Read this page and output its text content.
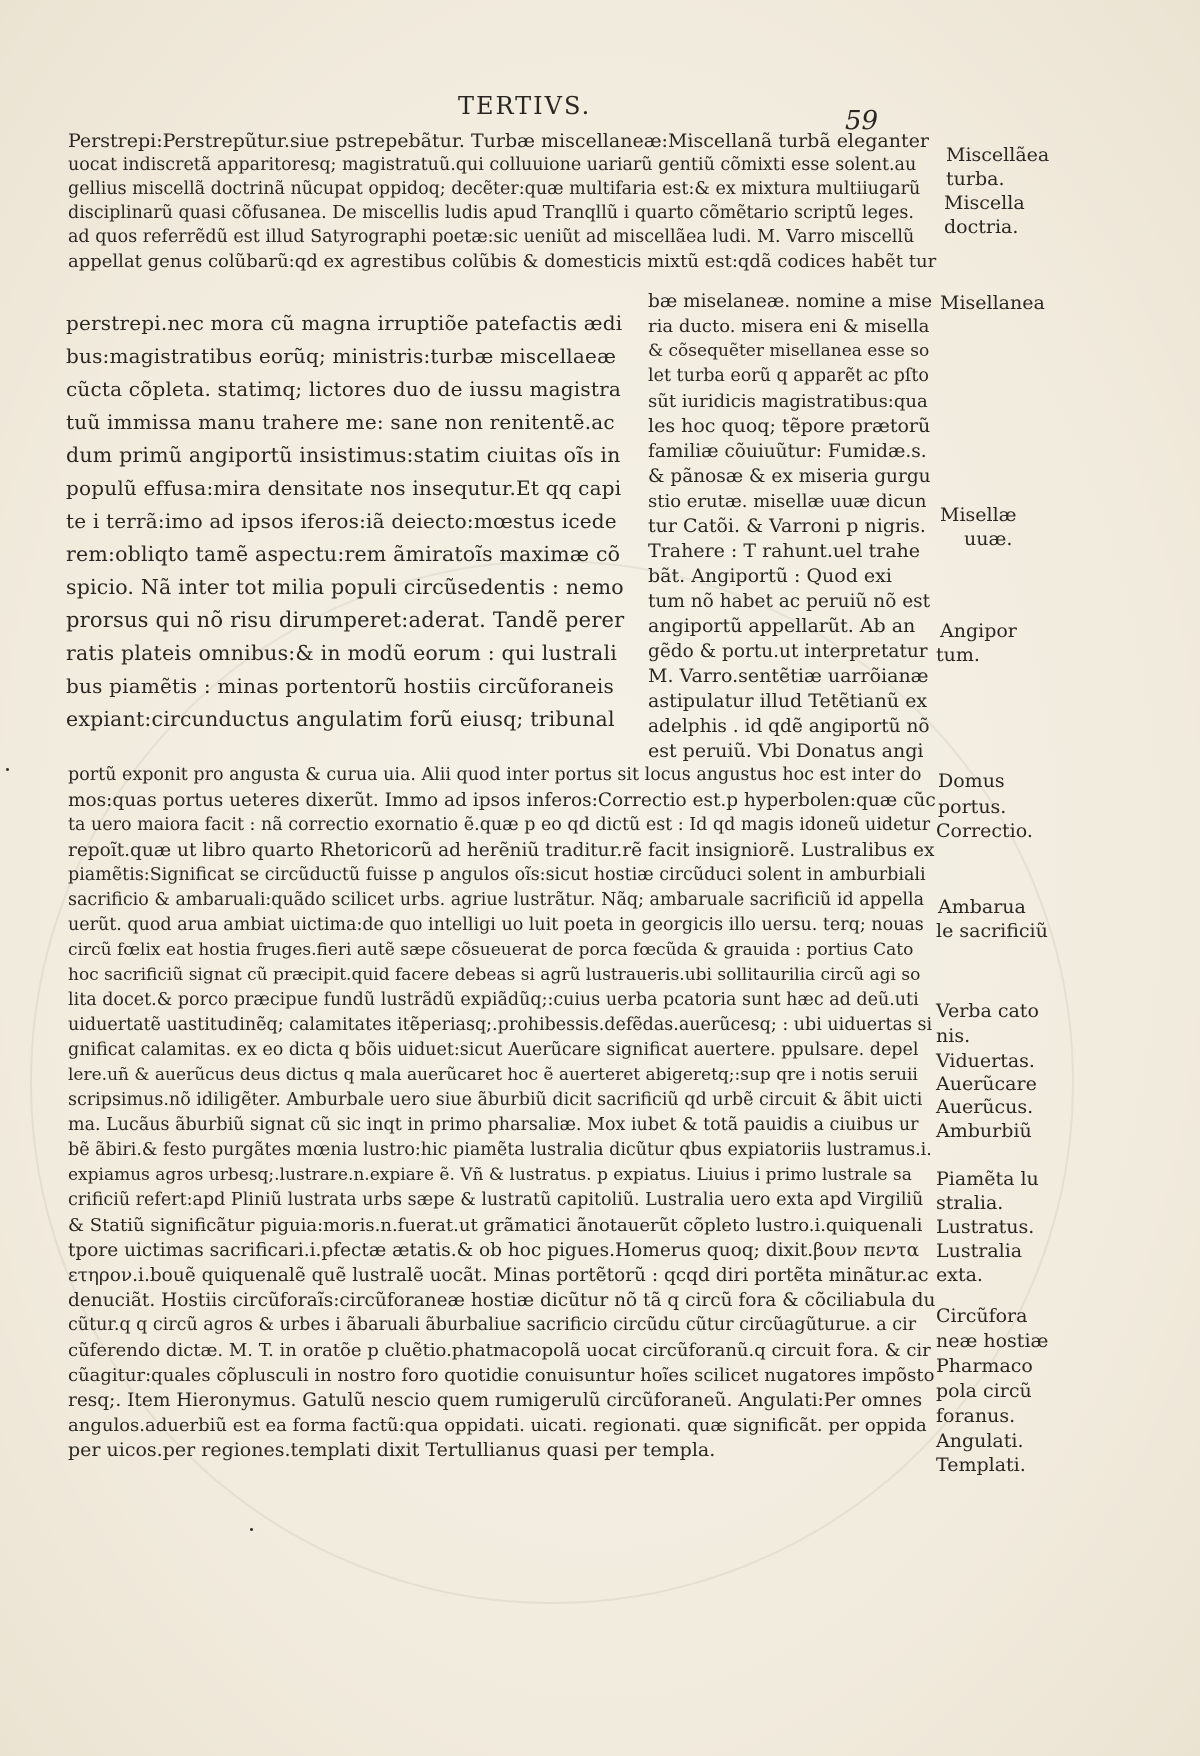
TERTIVS.	59
Perstrepi:Perstrepũtur.siue pstrepebãtur. Turbæ miscellaneæ:Miscellanã turbã eleganter
uocat indiscretã apparitoresq; magistratuũ.qui colluuione uariarũ gentiũ cõmixti esse solent.au
gellius miscellã doctrinã nũcupat oppidoq; decẽter:quæ multifaria est:& ex mixtura multiiugarũ
disciplinarũ quasi cõfusanea. De miscellis ludis apud Tranqllũ i quarto cõmẽtario scriptũ leges.
ad quos referrẽdũ est illud Satyrographi poetæ:sic ueniũt ad miscellãea ludi. M. Varro miscellũ
appellat genus colũbarũ:qd ex agrestibus colũbis & domesticis mixtũ est:qdã codices habẽt tur
perstrepi.nec mora cũ magna irruptiõe patefactis ædi
bus:magistratibus eorũq; ministris:turbæ miscellaeæ
cũcta cõpleta. statimq; lictores duo de iussu magistra
tuũ immissa manu trahere me: sane non renitentẽ.ac
dum primũ angiportũ insistimus:statim ciuitas oĩs in
populũ effusa:mira densitate nos insequtur.Et qq capi
te i terrã:imo ad ipsos iferos:iã deiecto:mœstus icede
rem:obliqto tamẽ aspectu:rem ãmiratoĩs maximæ cõ
spicio. Nã inter tot milia populi circũsedentis : nemo
prorsus qui nõ risu dirumperet:aderat. Tandẽ perer
ratis plateis omnibus:& in modũ eorum : qui lustrali
bus piamẽtis : minas portentorũ hostiis circũforaneis
expiant:circunductus angulatim forũ eiusq; tribunal
bæ miselaneæ. nomine a mise
ria ducto. misera eni & misella
& cõsequẽter misellanea esse so
let turba eorũ q apparẽt ac pſto
sũt iuridicis magistratibus:qua
les hoc quoq; tẽpore prætorũ
familiæ cõuiuũtur: Fumidæ.s.
& pãnosæ & ex miseria gurgu
stio erutæ. misellæ uuæ dicun
tur Catõi. & Varroni p nigris.
Trahere : T rahunt.uel trahe
bãt. Angiportũ : Quod exi
tum nõ habet ac peruiũ nõ est
angiportũ appellarũt. Ab an
gẽdo & portu.ut interpretatur
M. Varro.sentẽtiæ uarrõianæ
astipulatur illud Tetẽtianũ ex
adelphis . id qdẽ angiportũ nõ
est peruiũ. Vbi Donatus angi
portũ exponit pro angusta & curua uia. Alii quod inter portus sit locus angustus hoc est inter do
mos:quas portus ueteres dixerũt. Immo ad ipsos inferos:Correctio est.p hyperbolen:quæ cũc
ta uero maiora facit : nã correctio exornatio ẽ.quæ p eo qd dictũ est : Id qd magis idoneũ uidetur
repoĩt.quæ ut libro quarto Rhetoricorũ ad herẽniũ traditur.rẽ facit insigniorẽ. Lustralibus ex
piamẽtis:Significat se circũductũ fuisse p angulos oĩs:sicut hostiæ circũduci solent in amburbiali
sacrificio & ambaruali:quãdo scilicet urbs. agriue lustrãtur. Nãq; ambaruale sacrificiũ id appella
uerũt. quod arua ambiat uictima:de quo intelligi uo luit poeta in georgicis illo uersu. terq; nouas
circũ fœlix eat hostia fruges.fieri autẽ sæpe cõsueuerat de porca fœcũda & grauida : portius Cato
hoc sacrificiũ signat cũ præcipit.quid facere debeas si agrũ lustraueris.ubi sollitaurilia circũ agi so
lita docet.& porco præcipue fundũ lustrãdũ expiãdũq;:cuius uerba pcatoria sunt hæc ad deũ.uti
uiduertatẽ uastitudinẽq; calamitates itẽperiasq;.prohibessis.defẽdas.auerũcesq; : ubi uiduertas si
gnificat calamitas. ex eo dicta q bõis uiduet:sicut Auerũcare significat auertere. ppulsare. depel
lere.uñ & auerũcus deus dictus q mala auerũcaret hoc ẽ auerteret abigeretq;:sup qre i notis seruii
scripsimus.nõ idiligẽter. Amburbale uero siue ãburbiũ dicit sacrificiũ qd urbẽ circuit & ãbit uicti
ma. Lucãus ãburbiũ signat cũ sic inqt in primo pharsaliæ. Mox iubet & totã pauidis a ciuibus ur
bẽ ãbiri.& festo purgãtes mœnia lustro:hic piamẽta lustralia dicũtur qbus expiatoriis lustramus.i.
expiamus agros urbesq;.lustrare.n.expiare ẽ. Vñ & lustratus. p expiatus. Liuius i primo lustrale sa
crificiũ refert:apd Pliniũ lustrata urbs sæpe & lustratũ capitoliũ. Lustralia uero exta apd Virgiliũ
& Statiũ significãtur piguia:moris.n.fuerat.ut grãmatici ãnotauerũt cõpleto lustro.i.quiquenali
tpore uictimas sacrificari.i.pfectæ ætatis.& ob hoc pigues.Homerus quoq; dixit.βουν πεντα
ετηρον.i.bouẽ quiquenalẽ quẽ lustralẽ uocãt. Minas portẽtorũ : qcqd diri portẽta minãtur.ac
denuciãt. Hostiis circũforaĩs:circũforaneæ hostiæ dicũtur nõ tã q circũ fora & cõciliabula du
cũtur.q q circũ agros & urbes i ãbaruali ãburbaliue sacrificio circũdu cũtur circũagũturue. a cir
cũferendo dictæ. M. T. in oratõe p cluẽtio.phatmacopolã uocat circũforanũ.q circuit fora. & cir
cũagitur:quales cõplusculi in nostro foro quotidie conuisuntur hoĩes scilicet nugatores impõsto
resq;. Item Hieronymus. Gatulũ nescio quem rumigerulũ circũforaneũ. Angulati:Per omnes
angulos.aduerbiũ est ea forma factũ:qua oppidati. uicati. regionati. quæ significãt. per oppida
per uicos.per regiones.templati dixit Tertullianus quasi per templa.
Miscellãea
turba.
Miscella
doctria.
Misellanea
Misellæ
uuæ.
Angipor
tum.
Domus
portus.
Correctio.
Ambarua
le sacrificiũ
Verba cato
nis.
Viduertas.
Auerũcare
Auerũcus.
Amburbiũ
Piamẽta lu
stralia.
Lustratus.
Lustralia
exta.
Circũfora
neæ hostiæ
Pharmaco
pola circũ
foranus.
Angulati.
Templati.
